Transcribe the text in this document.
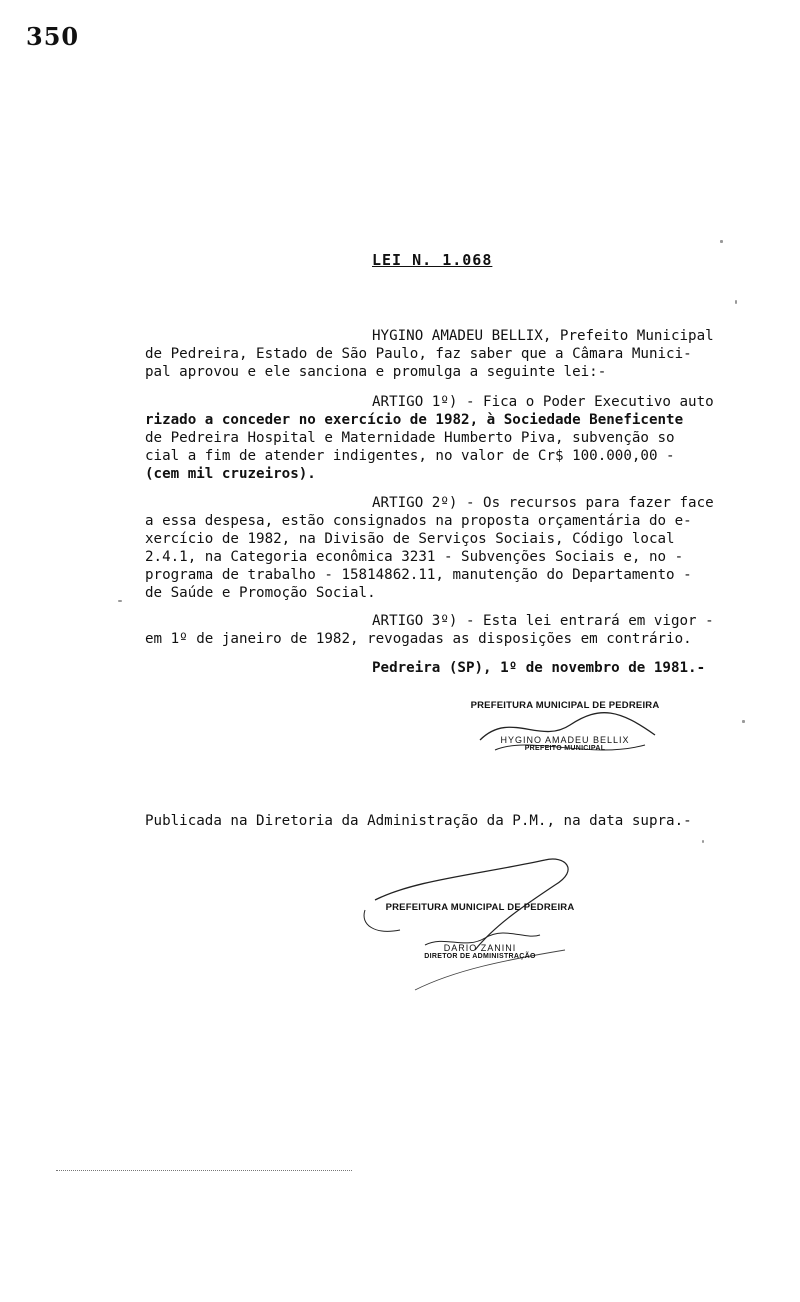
350
LEI N. 1.068
HYGINO AMADEU BELLIX, Prefeito Municipal
de Pedreira, Estado de São Paulo, faz saber que a Câmara Munici-
pal aprovou e ele sanciona e promulga a seguinte lei:-
ARTIGO 1º) - Fica o Poder Executivo auto
rizado a conceder no exercício de 1982, à Sociedade Beneficente
de Pedreira Hospital e Maternidade Humberto Piva, subvenção so
cial a fim de atender indigentes, no valor de Cr$ 100.000,00 -
(cem mil cruzeiros).
ARTIGO 2º) - Os recursos para fazer face
a essa despesa, estão consignados na proposta orçamentária do e-
xercício de 1982, na Divisão de Serviços Sociais, Código local
2.4.1, na Categoria econômica 3231 - Subvenções Sociais e, no -
programa de trabalho - 15814862.11, manutenção do Departamento -
de Saúde e Promoção Social.
ARTIGO 3º) - Esta lei entrará em vigor -
em 1º de janeiro de 1982, revogadas as disposições em contrário.
Pedreira (SP), 1º de novembro de 1981.-
PREFEITURA MUNICIPAL DE PEDREIRA
HYGINO AMADEU BELLIX
PREFEITO MUNICIPAL
Publicada na Diretoria da Administração da P.M., na data supra.-
PREFEITURA MUNICIPAL DE PEDREIRA
DARIO ZANINI
DIRETOR DE ADMINISTRAÇÃO
